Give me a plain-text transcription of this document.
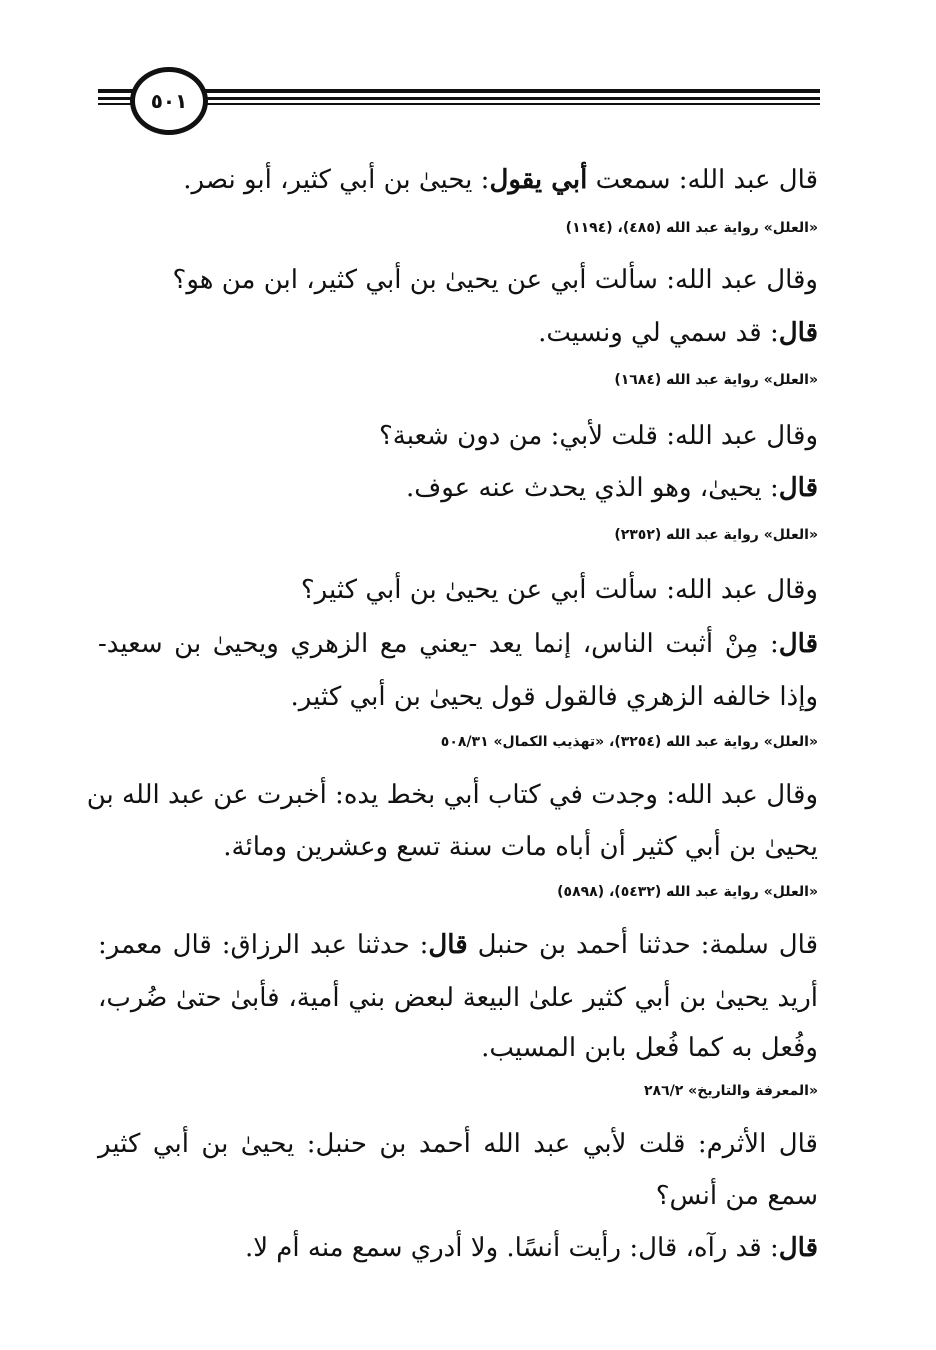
٥٠١
قال عبد الله: سمعت أبي يقول: يحيىٰ بن أبي كثير، أبو نصر.
«العلل» رواية عبد الله (٤٨٥)، (١١٩٤)
وقال عبد الله: سألت أبي عن يحيىٰ بن أبي كثير، ابن من هو؟
قال: قد سمي لي ونسيت.
«العلل» رواية عبد الله (١٦٨٤)
وقال عبد الله: قلت لأبي: من دون شعبة؟
قال: يحيىٰ، وهو الذي يحدث عنه عوف.
«العلل» رواية عبد الله (٢٣٥٢)
وقال عبد الله: سألت أبي عن يحيىٰ بن أبي كثير؟
قال: مِنْ أثبت الناس، إنما يعد -يعني مع الزهري ويحيىٰ بن سعيد-
وإذا خالفه الزهري فالقول قول يحيىٰ بن أبي كثير.
«العلل» رواية عبد الله (٣٢٥٤)، «تهذيب الكمال» ٥٠٨/٣١
وقال عبد الله: وجدت في كتاب أبي بخط يده: أخبرت عن عبد الله بن
يحيىٰ بن أبي كثير أن أباه مات سنة تسع وعشرين ومائة.
«العلل» رواية عبد الله (٥٤٣٢)، (٥٨٩٨)
قال سلمة: حدثنا أحمد بن حنبل قال: حدثنا عبد الرزاق: قال معمر:
أريد يحيىٰ بن أبي كثير علىٰ البيعة لبعض بني أمية، فأبىٰ حتىٰ ضُرب،
وفُعل به كما فُعل بابن المسيب.
«المعرفة والتاريخ» ٢٨٦/٢
قال الأثرم: قلت لأبي عبد الله أحمد بن حنبل: يحيىٰ بن أبي كثير
سمع من أنس؟
قال: قد رآه، قال: رأيت أنسًا. ولا أدري سمع منه أم لا.
